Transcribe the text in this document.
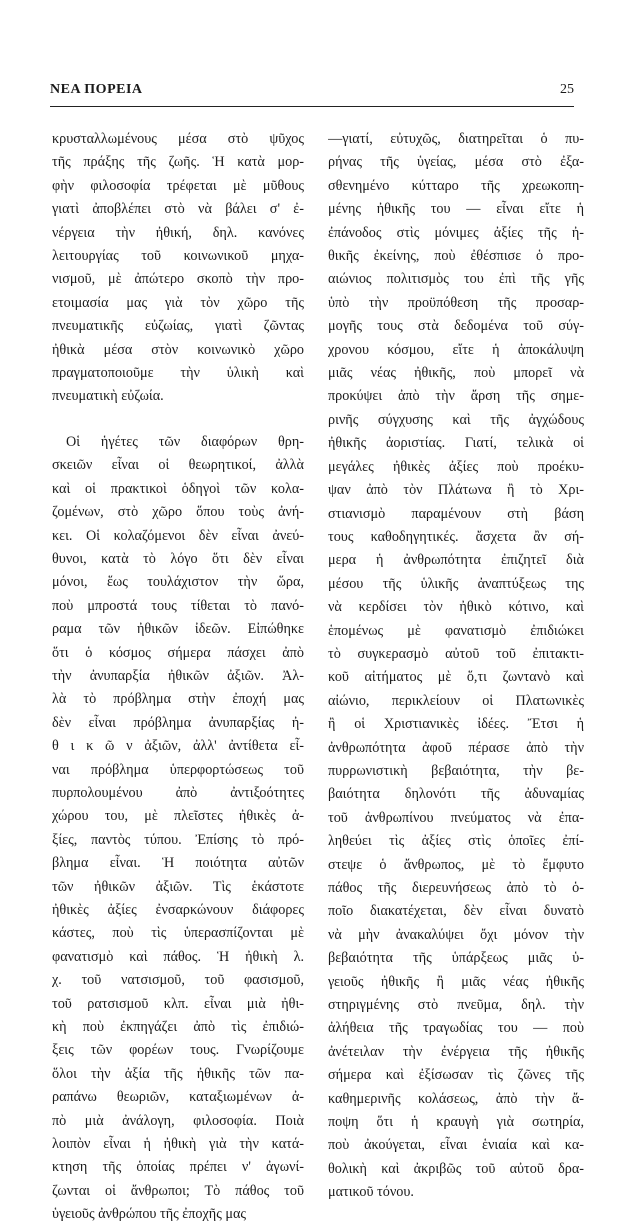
ΝΕΑ ΠΟΡΕΙΑ	25
κρυσταλλωμένους μέσα στὸ ψῦχος
τῆς πράξης τῆς ζωῆς. Ἡ κατὰ μορ-
φὴν φιλοσοφία τρέφεται μὲ μῦθους
γιατὶ ἀποβλέπει στὸ νὰ βάλει σ' ἐ-
νέργεια τὴν ἠθική, δηλ. κανόνες
λειτουργίας τοῦ κοινωνικοῦ μηχα-
νισμοῦ, μὲ ἀπώτερο σκοπὸ τὴν προ-
ετοιμασία μας γιὰ τὸν χῶρο τῆς
πνευματικῆς εὐζωίας, γιατὶ ζῶντας
ἠθικὰ μέσα στὸν κοινωνικὸ χῶρο
πραγματοποιοῦμε τὴν ὑλικὴ καὶ
πνευματικὴ εὐζωία.
Οἱ ἡγέτες τῶν διαφόρων θρη-
σκειῶν εἶναι οἱ θεωρητικοί, ἀλλὰ
καὶ οἱ πρακτικοὶ ὁδηγοὶ τῶν κολα-
ζομένων, στὸ χῶρο ὅπου τοὺς ἀνή-
κει. Οἱ κολαζόμενοι δὲν εἶναι ἀνεύ-
θυνοι, κατὰ τὸ λόγο ὅτι δὲν εἶναι
μόνοι, ἕως τουλάχιστον τὴν ὥρα,
ποὺ μπροστά τους τίθεται τὸ πανό-
ραμα τῶν ἠθικῶν ἰδεῶν. Εἰπώθηκε
ὅτι ὁ κόσμος σήμερα πάσχει ἀπὸ
τὴν ἀνυπαρξία ἠθικῶν ἀξιῶν. Ἀλ-
λὰ τὸ πρόβλημα στὴν ἐποχή μας
δὲν εἶναι πρόβλημα ἀνυπαρξίας ἠ-
θ ι κ ῶ ν ἀξιῶν, ἀλλ' ἀντίθετα εἶ-
ναι πρόβλημα ὑπερφορτώσεως τοῦ
πυρπολουμένου ἀπὸ ἀντιξοότητες
χώρου του, μὲ πλεῖστες ἠθικὲς ἀ-
ξίες, παντὸς τύπου. Ἐπίσης τὸ πρό-
βλημα εἶναι. Ἡ ποιότητα αὐτῶν
τῶν ἠθικῶν ἀξιῶν. Τὶς ἑκάστοτε
ἠθικὲς ἀξίες ἐνσαρκώνουν διάφορες
κάστες, ποὺ τὶς ὑπερασπίζονται μὲ
φανατισμὸ καὶ πάθος. Ἡ ἠθικὴ λ.
χ. τοῦ νατσισμοῦ, τοῦ φασισμοῦ,
τοῦ ρατσισμοῦ κλπ. εἶναι μιὰ ἠθι-
κὴ ποὺ ἐκπηγάζει ἀπὸ τὶς ἐπιδιώ-
ξεις τῶν φορέων τους. Γνωρίζουμε
ὅλοι τὴν ἀξία τῆς ἠθικῆς τῶν πα-
ραπάνω θεωριῶν, καταξιωμένων ἀ-
πὸ μιὰ ἀνάλογη, φιλοσοφία. Ποιὰ
λοιπὸν εἶναι ἡ ἠθικὴ γιὰ τὴν κατά-
κτηση τῆς ὁποίας πρέπει ν' ἀγωνί-
ζωνται οἱ ἄνθρωποι; Τὸ πάθος τοῦ
ὑγειοῦς ἀνθρώπου τῆς ἐποχῆς μας
—γιατί, εὐτυχῶς, διατηρεῖται ὁ πυ-
ρήνας τῆς ὑγείας, μέσα στὸ ἐξα-
σθενημένο κύτταρο τῆς χρεωκοπη-
μένης ἠθικῆς του — εἶναι εἴτε ἡ
ἐπάνοδος στὶς μόνιμες ἀξίες τῆς ἠ-
θικῆς ἐκείνης, ποὺ ἐθέσπισε ὁ προ-
αιώνιος πολιτισμὸς του ἐπὶ τῆς γῆς
ὑπὸ τὴν προϋπόθεση τῆς προσαρ-
μογῆς τους στὰ δεδομένα τοῦ σύγ-
χρονου κόσμου, εἴτε ἡ ἀποκάλυψη
μιᾶς νέας ἠθικῆς, ποὺ μπορεῖ νὰ
προκύψει ἀπὸ τὴν ἄρση τῆς σημε-
ρινῆς σύγχυσης καὶ τῆς ἀγχώδους
ἠθικῆς ἀοριστίας. Γιατί, τελικὰ οἱ
μεγάλες ἠθικὲς ἀξίες ποὺ προέκυ-
ψαν ἀπὸ τὸν Πλάτωνα ἢ τὸ Χρι-
στιανισμὸ παραμένουν στὴ βάση
τους καθοδηγητικές. ἄσχετα ἂν σή-
μερα ἡ ἀνθρωπότητα ἐπιζητεῖ διὰ
μέσου τῆς ὑλικῆς ἀναπτύξεως της
νὰ κερδίσει τὸν ἠθικὸ κότινο, καὶ
ἑπομένως μὲ φανατισμὸ ἐπιδιώκει
τὸ συγκερασμὸ αὐτοῦ τοῦ ἐπιτακτι-
κοῦ αἰτήματος μὲ ὅ,τι ζωντανὸ καὶ
αἰώνιο, περικλείουν οἱ Πλατωνικὲς
ἢ οἱ Χριστιανικὲς ἰδέες. Ἔτσι ἡ
ἀνθρωπότητα ἀφοῦ πέρασε ἀπὸ τὴν
πυρρωνιστικὴ βεβαιότητα, τὴν βε-
βαιότητα δηλονότι τῆς ἀδυναμίας
τοῦ ἀνθρωπίνου πνεύματος νὰ ἐπα-
ληθεύει τὶς ἀξίες στὶς ὁποῖες ἐπί-
στεψε ὁ ἄνθρωπος, μὲ τὸ ἔμφυτο
πάθος τῆς διερευνήσεως ἀπὸ τὸ ὁ-
ποῖο διακατέχεται, δὲν εἶναι δυνατὸ
νὰ μὴν ἀνακαλύψει ὄχι μόνον τὴν
βεβαιότητα τῆς ὑπάρξεως μιᾶς ὑ-
γειοῦς ἠθικῆς ἢ μιᾶς νέας ἠθικῆς
στηριγμένης στὸ πνεῦμα, δηλ. τὴν
ἀλήθεια τῆς τραγωδίας του — ποὺ
ἀνέτειλαν τὴν ἐνέργεια τῆς ἠθικῆς
σήμερα καὶ ἐξίσωσαν τὶς ζῶνες τῆς
καθημερινῆς κολάσεως, ἀπὸ τὴν ἄ-
ποψη ὅτι ἡ κραυγὴ γιὰ σωτηρία,
ποὺ ἀκούγεται, εἶναι ἑνιαία καὶ κα-
θολικὴ καὶ ἀκριβῶς τοῦ αὐτοῦ δρα-
ματικοῦ τόνου.
